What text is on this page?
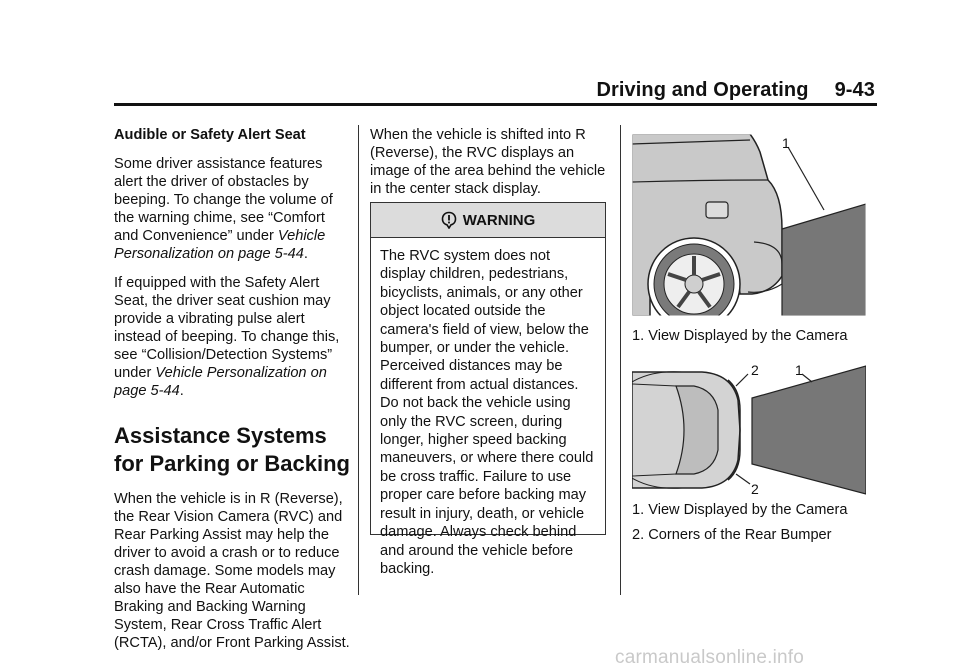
Driving and Operating 9-43

Audible or Safety Alert Seat

Some driver assistance features alert the driver of obstacles by beeping. To change the volume of the warning chime, see “Comfort and Convenience” under Vehicle Personalization on page 5-44.

If equipped with the Safety Alert Seat, the driver seat cushion may provide a vibrating pulse alert instead of beeping. To change this, see “Collision/Detection Systems” under Vehicle Personalization on page 5-44.

Assistance Systems for Parking or Backing

When the vehicle is in R (Reverse), the Rear Vision Camera (RVC) and Rear Parking Assist may help the driver to avoid a crash or to reduce crash damage. Some models may also have the Rear Automatic Braking and Backing Warning System, Rear Cross Traffic Alert (RCTA), and/or Front Parking Assist.

When the vehicle is shifted into R (Reverse), the RVC displays an image of the area behind the vehicle in the center stack display.

WARNING
The RVC system does not display children, pedestrians, bicyclists, animals, or any other object located outside the camera's field of view, below the bumper, or under the vehicle. Perceived distances may be different from actual distances. Do not back the vehicle using only the RVC screen, during longer, higher speed backing maneuvers, or where there could be cross traffic. Failure to use proper care before backing may result in injury, death, or vehicle damage. Always check behind and around the vehicle before backing.
1
1. View Displayed by the Camera
2	1
2
1. View Displayed by the Camera
2. Corners of the Rear Bumper
carmanualsonline.info
